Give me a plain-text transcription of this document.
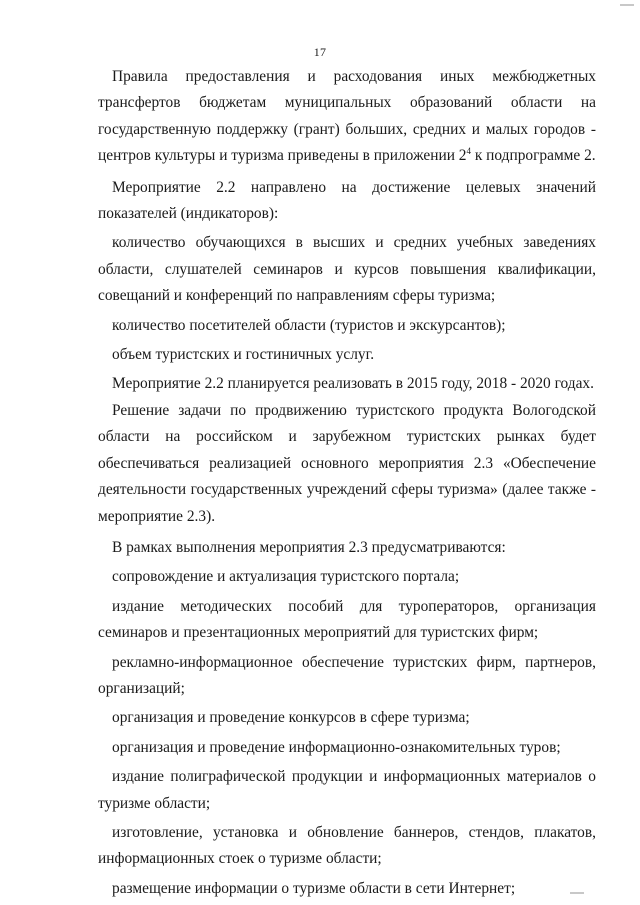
17

Правила предоставления и расходования иных межбюджетных трансфертов бюджетам муниципальных образований области на государственную поддержку (грант) больших, средних и малых городов - центров культуры и туризма приведены в приложении $2^4$ к подпрограмме 2.

Мероприятие 2.2 направлено на достижение целевых значений показателей (индикаторов):

количество обучающихся в высших и средних учебных заведениях области, слушателей семинаров и курсов повышения квалификации, совещаний и конференций по направлениям сферы туризма;

количество посетителей области (туристов и экскурсантов);

объем туристских и гостиничных услуг.

Мероприятие 2.2 планируется реализовать в 2015 году, 2018 - 2020 годах.

Решение задачи по продвижению туристского продукта Вологодской области на российском и зарубежном туристских рынках будет обеспечиваться реализацией основного мероприятия 2.3 «Обеспечение деятельности государственных учреждений сферы туризма» (далее также - мероприятие 2.3).

В рамках выполнения мероприятия 2.3 предусматриваются:

сопровождение и актуализация туристского портала;

издание методических пособий для туроператоров, организация семинаров и презентационных мероприятий для туристских фирм;

рекламно-информационное обеспечение туристских фирм, партнеров, организаций;

организация и проведение конкурсов в сфере туризма;

организация и проведение информационно-ознакомительных туров;

издание полиграфической продукции и информационных материалов о туризме области;

изготовление, установка и обновление баннеров, стендов, плакатов, информационных стоек о туризме области;

размещение информации о туризме области в сети Интернет;
